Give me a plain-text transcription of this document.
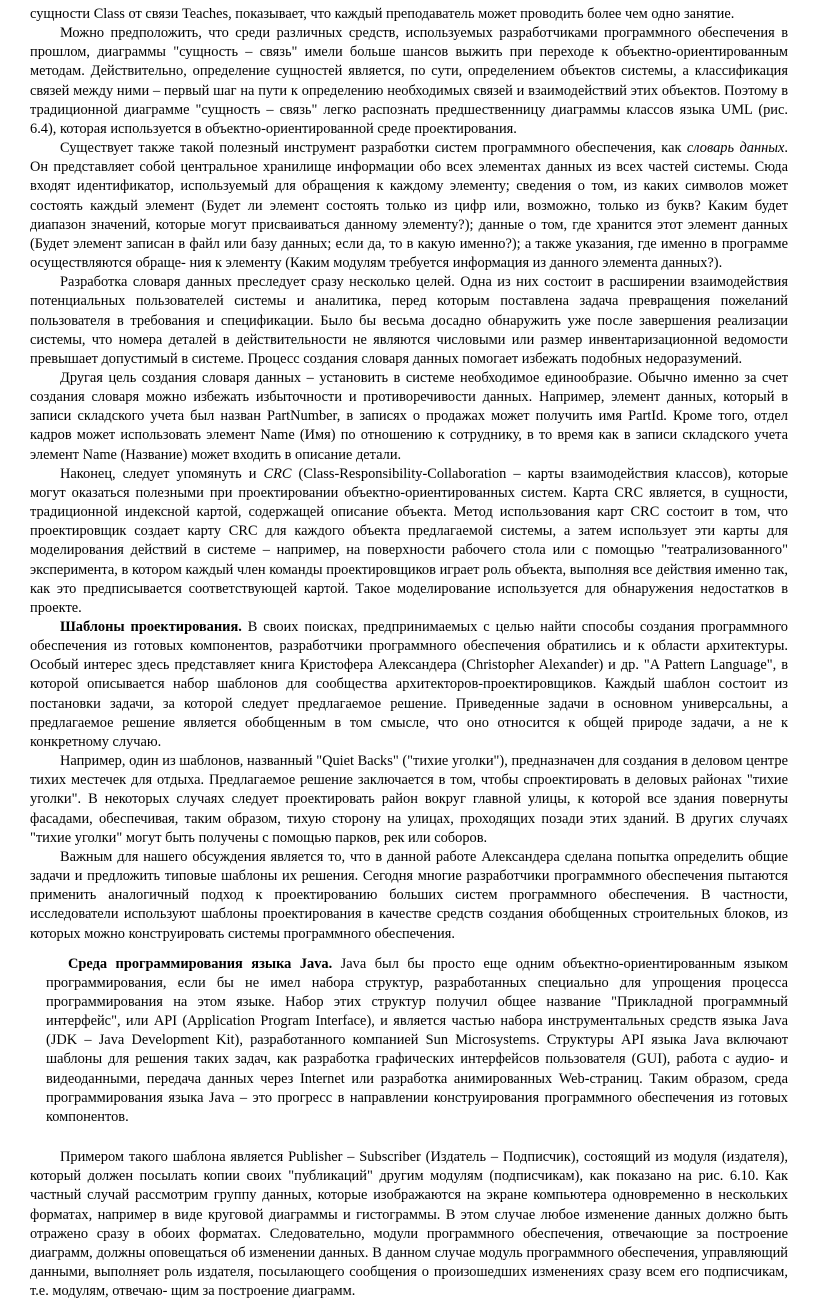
сущности Class от связи Teaches, показывает, что каждый преподаватель может проводить более чем одно занятие.

Можно предположить, что среди различных средств, используемых разработчиками программного обеспечения в прошлом, диаграммы "сущность – связь" имели больше шансов выжить при переходе к объектно-ориентированным методам. Действительно, определение сущностей является, по сути, определением объектов системы, а классификация связей между ними – первый шаг на пути к определению необходимых связей и взаимодействий этих объектов. Поэтому в традиционной диаграмме "сущность – связь" легко распознать предшественницу диаграммы классов языка UML (рис. 6.4), которая используется в объектно-ориентированной среде проектирования.

Существует также такой полезный инструмент разработки систем программного обеспечения, как словарь данных. Он представляет собой центральное хранилище информации обо всех элементах данных из всех частей системы. Сюда входят идентификатор, используемый для обращения к каждому элементу; сведения о том, из каких символов может состоять каждый элемент (Будет ли элемент состоять только из цифр или, возможно, только из букв? Каким будет диапазон значений, которые могут присваиваться данному элементу?); данные о том, где хранится этот элемент данных (Будет элемент записан в файл или базу данных; если да, то в какую именно?); а также указания, где именно в программе осуществляются обраще- ния к элементу (Каким модулям требуется информация из данного элемента данных?).

Разработка словаря данных преследует сразу несколько целей. Одна из них состоит в расширении взаимодействия потенциальных пользователей системы и аналитика, перед которым поставлена задача превращения пожеланий пользователя в требования и спецификации. Было бы весьма досадно обнаружить уже после завершения реализации системы, что номера деталей в действительности не являются числовыми или размер инвентаризационной ведомости превышает допустимый в системе. Процесс создания словаря данных помогает избежать подобных недоразумений.

Другая цель создания словаря данных – установить в системе необходимое единообразие. Обычно именно за счет создания словаря можно избежать избыточности и противоречивости данных. Например, элемент данных, который в записи складского учета был назван PartNumber, в записях о продажах может получить имя PartId. Кроме того, отдел кадров может использовать элемент Name (Имя) по отношению к сотруднику, в то время как в записи складского учета элемент Name (Название) может входить в описание детали.

Наконец, следует упомянуть и CRC (Class-Responsibility-Collaboration – карты взаимодействия классов), которые могут оказаться полезными при проектировании объектно-ориентированных систем. Карта CRC является, в сущности, традиционной индексной картой, содержащей описание объекта. Метод использования карт CRC состоит в том, что проектировщик создает карту CRC для каждого объекта предлагаемой системы, а затем использует эти карты для моделирования действий в системе – например, на поверхности рабочего стола или с помощью "театрализованного" эксперимента, в котором каждый член команды проектировщиков играет роль объекта, выполняя все действия именно так, как это предписывается соответствующей картой. Такое моделирование используется для обнаружения недостатков в проекте.

Шаблоны проектирования. В своих поисках, предпринимаемых с целью найти способы создания программного обеспечения из готовых компонентов, разработчики программного обеспечения обратились и к области архитектуры. Особый интерес здесь представляет книга Кристофера Александера (Christopher Alexander) и др. "A Pattern Language", в которой описывается набор шаблонов для сообщества архитекторов-проектировщиков. Каждый шаблон состоит из постановки задачи, за которой следует предлагаемое решение. Приведенные задачи в основном универсальны, а предлагаемое решение является обобщенным в том смысле, что оно относится к общей природе задачи, а не к конкретному случаю.

Например, один из шаблонов, названный "Quiet Backs" ("тихие уголки"), предназначен для создания в деловом центре тихих местечек для отдыха. Предлагаемое решение заключается в том, чтобы спроектировать в деловых районах "тихие уголки". В некоторых случаях следует проектировать район вокруг главной улицы, к которой все здания повернуты фасадами, обеспечивая, таким образом, тихую сторону на улицах, проходящих позади этих зданий. В других случаях "тихие уголки" могут быть получены с помощью парков, рек или соборов.

Важным для нашего обсуждения является то, что в данной работе Александера сделана попытка определить общие задачи и предложить типовые шаблоны их решения. Сегодня многие разработчики программного обеспечения пытаются применить аналогичный подход к проектированию больших систем программного обеспечения. В частности, исследователи используют шаблоны проектирования в качестве средств создания обобщенных строительных блоков, из которых можно конструировать системы программного обеспечения.

Среда программирования языка Java. Java был бы просто еще одним объектно-ориентированным языком программирования, если бы не имел набора структур, разработанных специально для упрощения процесса программирования на этом языке. Набор этих структур получил общее название "Прикладной программный интерфейс", или API (Application Program Interface), и является частью набора инструментальных средств языка Java (JDK – Java Development Kit), разработанного компанией Sun Microsystems. Структуры API языка Java включают шаблоны для решения таких задач, как разработка графических интерфейсов пользователя (GUI), работа с аудио- и видеоданными, передача данных через Internet или разработка анимированных Web-страниц. Таким образом, среда программирования языка Java – это прогресс в направлении конструирования программного обеспечения из готовых компонентов.

Примером такого шаблона является Publisher – Subscriber (Издатель – Подписчик), состоящий из модуля (издателя), который должен посылать копии своих "публикаций" другим модулям (подписчикам), как показано на рис. 6.10. Как частный случай рассмотрим группу данных, которые изображаются на экране компьютера одновременно в нескольких форматах, например в виде круговой диаграммы и гистограммы. В этом случае любое изменение данных должно быть отражено сразу в обоих форматах. Следовательно, модули программного обеспечения, отвечающие за построение диаграмм, должны оповещаться об изменении данных. В данном случае модуль программного обеспечения, управляющий данными, выполняет роль издателя, посылающего сообщения о произошедших изменениях сразу всем его подписчикам, т.е. модулям, отвечаю- щим за построение диаграмм.
